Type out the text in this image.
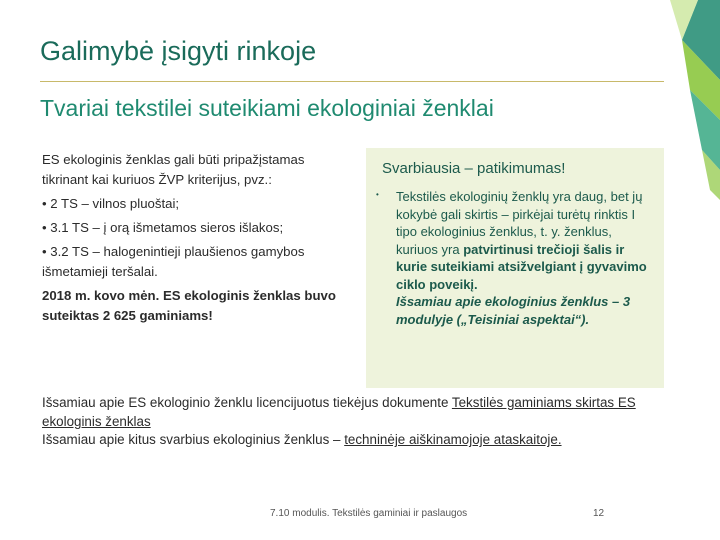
Galimybė įsigyti rinkoje
Tvariai tekstilei suteikiami ekologiniai ženklai

ES ekologinis ženklas gali būti pripažįstamas tikrinant kai kuriuos ŽVP kriterijus, pvz.:

• 2 TS – vilnos pluoštai;

• 3.1 TS – į orą išmetamos sieros išlakos;

• 3.2 TS – halogenintieji plaušienos gamybos išmetamieji teršalai.

2018 m. kovo mėn. ES ekologinis ženklas buvo suteiktas 2 625 gaminiams!

Svarbiausia – patikimumas!
• Tekstilės ekologinių ženklų yra daug, bet jų kokybė gali skirtis – pirkėjai turėtų rinktis I tipo ekologinius ženklus, t. y. ženklus, kuriuos yra patvirtinusi trečioji šalis ir kurie suteikiami atsižvelgiant į gyvavimo ciklo poveikį.
Išsamiau apie ekologinius ženklus – 3 modulyje („Teisiniai aspektai“).
Išsamiau apie ES ekologinio ženklu licencijuotus tiekėjus dokumente Tekstilės gaminiams skirtas ES ekologinis ženklas
Išsamiau apie kitus svarbius ekologinius ženklus – techninėje aiškinamojoje ataskaitoje.
7.10 modulis. Tekstilės gaminiai ir paslaugos	12
